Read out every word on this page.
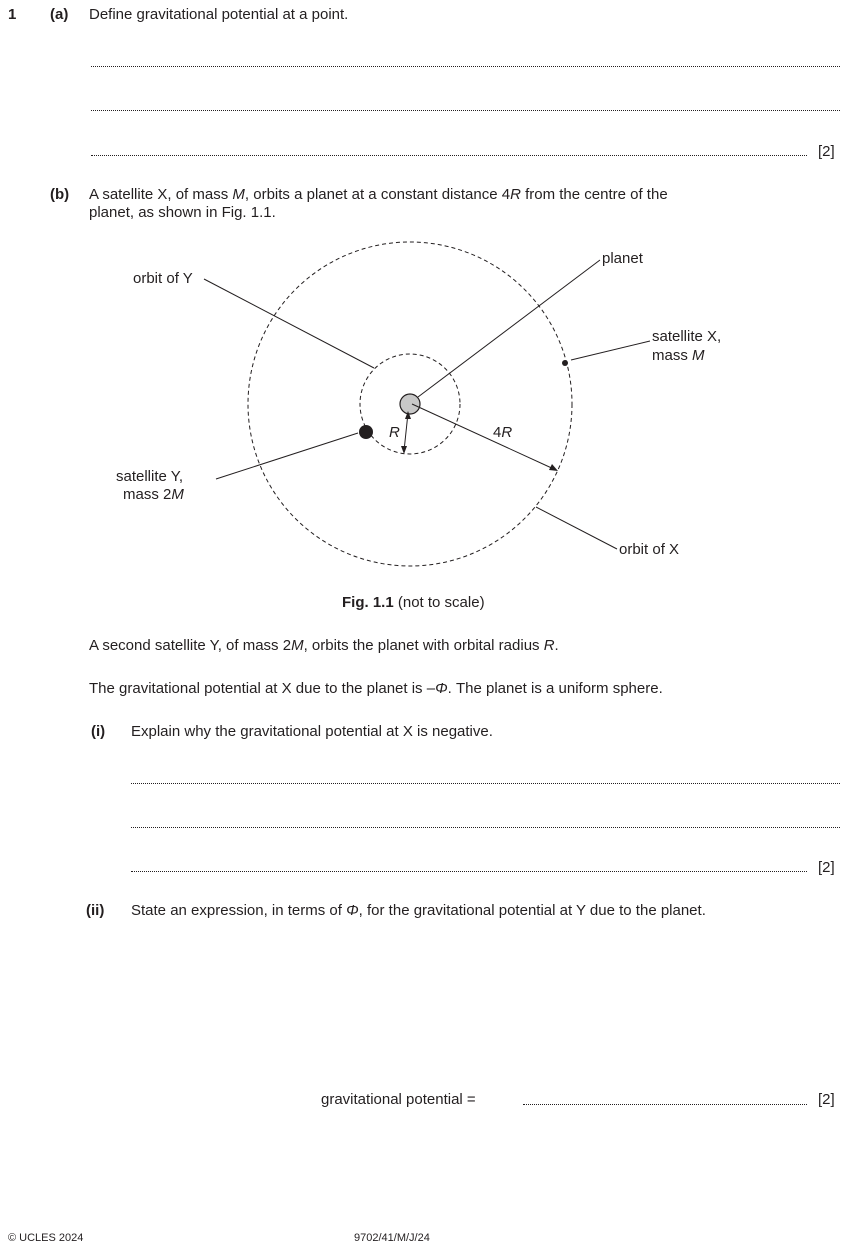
1 (a) Define gravitational potential at a point.
[2]
(b) A satellite X, of mass M, orbits a planet at a constant distance 4R from the centre of the
planet, as shown in Fig. 1.1.
orbit of Y
planet
satellite X,
mass M
R	4R
satellite Y,
mass 2M
orbit of X
Fig. 1.1 (not to scale)
A second satellite Y, of mass 2M, orbits the planet with orbital radius R.
The gravitational potential at X due to the planet is –Φ. The planet is a uniform sphere.
(i) Explain why the gravitational potential at X is negative.
[2]
(ii) State an expression, in terms of Φ, for the gravitational potential at Y due to the planet.
gravitational potential =	[2]
© UCLES 2024	9702/41/M/J/24
